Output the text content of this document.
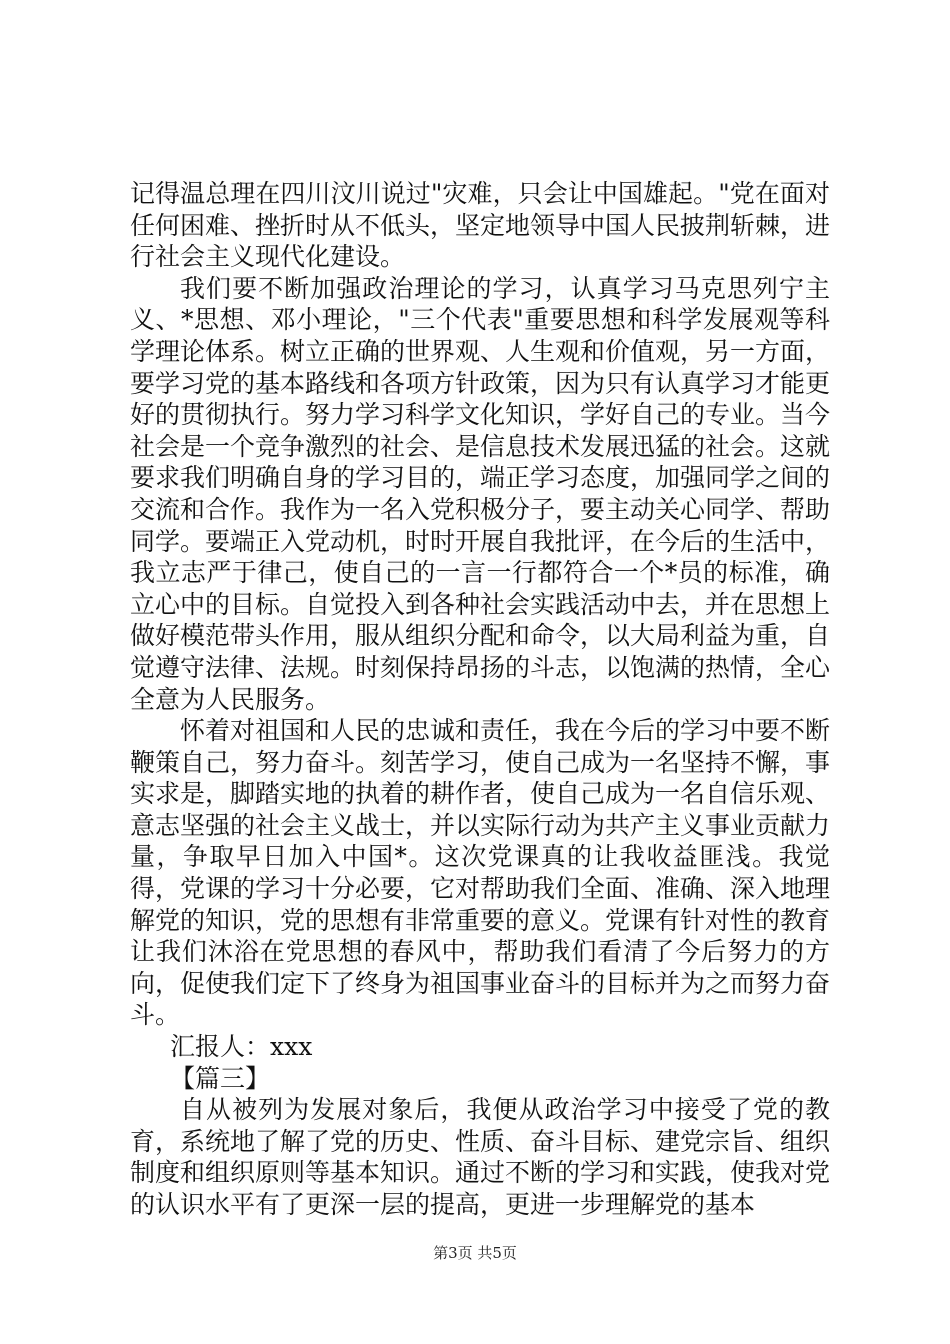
记得温总理在四川汶川说过"灾难，只会让中国雄起。"党在面对任何困难、挫折时从不低头，坚定地领导中国人民披荆斩棘，进行社会主义现代化建设。

我们要不断加强政治理论的学习，认真学习马克思列宁主义、*思想、邓小理论，"三个代表"重要思想和科学发展观等科学理论体系。树立正确的世界观、人生观和价值观，另一方面，要学习党的基本路线和各项方针政策，因为只有认真学习才能更好的贯彻执行。努力学习科学文化知识，学好自己的专业。当今社会是一个竞争激烈的社会、是信息技术发展迅猛的社会。这就要求我们明确自身的学习目的，端正学习态度，加强同学之间的交流和合作。我作为一名入党积极分子，要主动关心同学、帮助同学。要端正入党动机，时时开展自我批评，在今后的生活中，我立志严于律己，使自己的一言一行都符合一个*员的标准，确立心中的目标。自觉投入到各种社会实践活动中去，并在思想上做好模范带头作用，服从组织分配和命令，以大局利益为重，自觉遵守法律、法规。时刻保持昂扬的斗志，以饱满的热情，全心全意为人民服务。

怀着对祖国和人民的忠诚和责任，我在今后的学习中要不断鞭策自己，努力奋斗。刻苦学习，使自己成为一名坚持不懈，事实求是，脚踏实地的执着的耕作者，使自己成为一名自信乐观、意志坚强的社会主义战士，并以实际行动为共产主义事业贡献力量，争取早日加入中国*。这次党课真的让我收益匪浅。我觉得，党课的学习十分必要，它对帮助我们全面、准确、深入地理解党的知识，党的思想有非常重要的意义。党课有针对性的教育让我们沐浴在党思想的春风中，帮助我们看清了今后努力的方向，促使我们定下了终身为祖国事业奋斗的目标并为之而努力奋斗。

汇报人：xxx

【篇三】

自从被列为发展对象后，我便从政治学习中接受了党的教育，系统地了解了党的历史、性质、奋斗目标、建党宗旨、组织制度和组织原则等基本知识。通过不断的学习和实践，使我对党的认识水平有了更深一层的提高，更进一步理解党的基本

第3页 共5页
